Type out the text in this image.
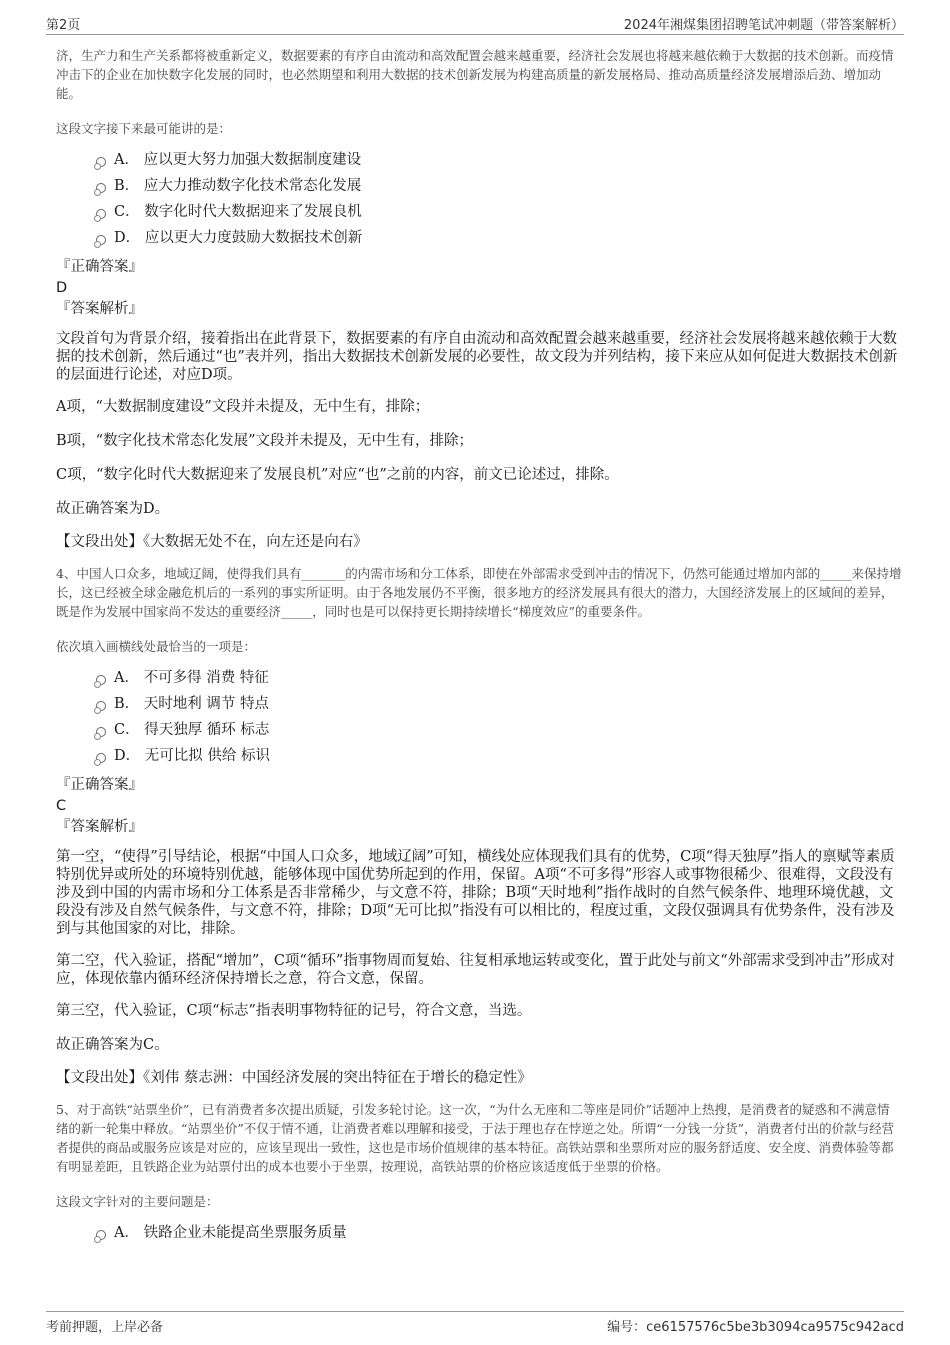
第2页	2024年湘煤集团招聘笔试冲刺题（带答案解析）

济，生产力和生产关系都将被重新定义，数据要素的有序自由流动和高效配置会越来越重要，经济社会发展也将越来越依赖于大数据的技术创新。而疫情冲击下的企业在加快数字化发展的同时，也必然期望和利用大数据的技术创新发展为构建高质量的新发展格局、推动高质量经济发展增添后劲、增加动能。

这段文字接下来最可能讲的是：

A． 应以更大努力加强大数据制度建设
B． 应大力推动数字化技术常态化发展
C． 数字化时代大数据迎来了发展良机
D． 应以更大力度鼓励大数据技术创新

『正确答案』

D

『答案解析』

文段首句为背景介绍，接着指出在此背景下，数据要素的有序自由流动和高效配置会越来越重要，经济社会发展将越来越依赖于大数据的技术创新，然后通过“也”表并列，指出大数据技术创新发展的必要性，故文段为并列结构，接下来应从如何促进大数据技术创新的层面进行论述，对应D项。

A项，“大数据制度建设”文段并未提及，无中生有，排除；

B项，“数字化技术常态化发展”文段并未提及，无中生有，排除；

C项，“数字化时代大数据迎来了发展良机”对应“也”之前的内容，前文已论述过，排除。

故正确答案为D。

【文段出处】《大数据无处不在，向左还是向右》

4、中国人口众多，地域辽阔，使得我们具有_______的内需市场和分工体系，即使在外部需求受到冲击的情况下，仍然可能通过增加内部的_____来保持增长，这已经被全球金融危机后的一系列的事实所证明。由于各地发展仍不平衡，很多地方的经济发展具有很大的潜力，大国经济发展上的区域间的差异，既是作为发展中国家尚不发达的重要经济_____，同时也是可以保持更长期持续增长“梯度效应”的重要条件。

依次填入画横线处最恰当的一项是：

A． 不可多得 消费 特征
B． 天时地利 调节 特点
C． 得天独厚 循环 标志
D． 无可比拟 供给 标识

『正确答案』

C

『答案解析』

第一空，“使得”引导结论，根据“中国人口众多，地域辽阔”可知，横线处应体现我们具有的优势，C项“得天独厚”指人的禀赋等素质特别优异或所处的环境特别优越，能够体现中国优势所起到的作用，保留。A项“不可多得”形容人或事物很稀少、很难得，文段没有涉及到中国的内需市场和分工体系是否非常稀少，与文意不符，排除；B项“天时地利”指作战时的自然气候条件、地理环境优越，文段没有涉及自然气候条件，与文意不符，排除；D项“无可比拟”指没有可以相比的，程度过重，文段仅强调具有优势条件，没有涉及到与其他国家的对比，排除。

第二空，代入验证，搭配“增加”，C项“循环”指事物周而复始、往复相承地运转或变化，置于此处与前文“外部需求受到冲击”形成对应，体现依靠内循环经济保持增长之意，符合文意，保留。

第三空，代入验证，C项“标志”指表明事物特征的记号，符合文意，当选。

故正确答案为C。

【文段出处】《刘伟 蔡志洲：中国经济发展的突出特征在于增长的稳定性》

5、对于高铁“站票坐价”，已有消费者多次提出质疑，引发多轮讨论。这一次，“为什么无座和二等座是同价”话题冲上热搜，是消费者的疑惑和不满意情绪的新一轮集中释放。“站票坐价”不仅于情不通，让消费者难以理解和接受，于法于理也存在悖逆之处。所谓“一分钱一分货”，消费者付出的价款与经营者提供的商品或服务应该是对应的，应该呈现出一致性，这也是市场价值规律的基本特征。高铁站票和坐票所对应的服务舒适度、安全度、消费体验等都有明显差距，且铁路企业为站票付出的成本也要小于坐票，按理说，高铁站票的价格应该适度低于坐票的价格。

这段文字针对的主要问题是：

A． 铁路企业未能提高坐票服务质量
考前押题，上岸必备	编号：ce6157576c5be3b3094ca9575c942acd
